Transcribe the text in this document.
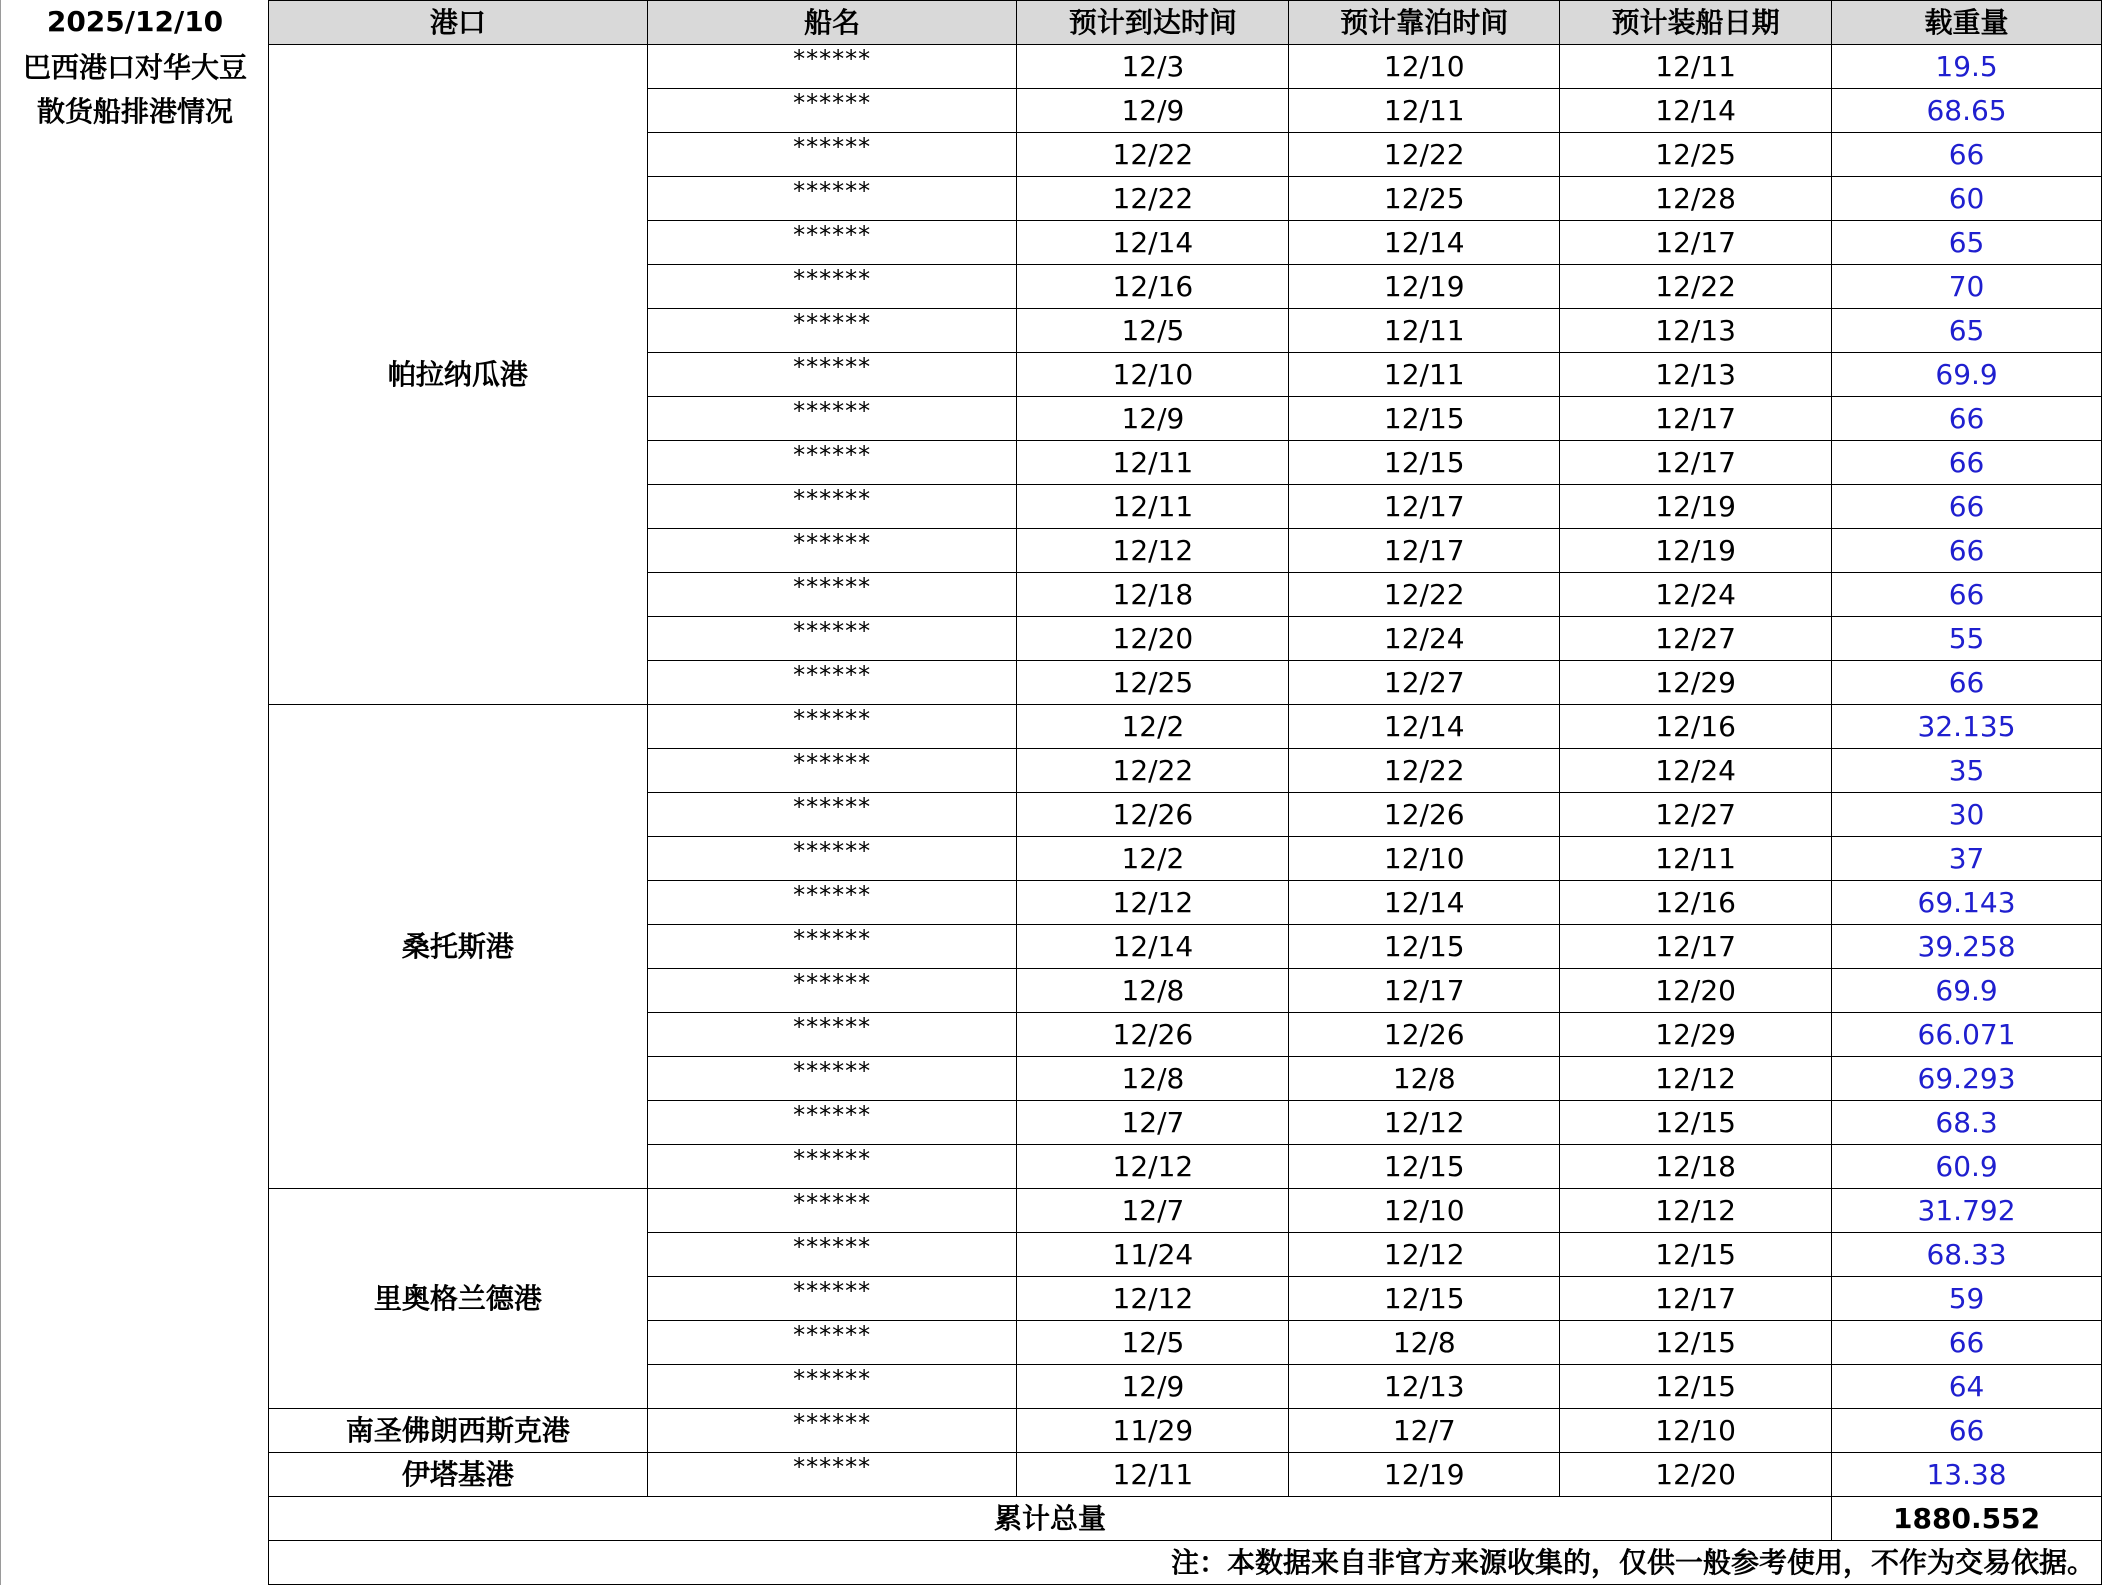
2025/12/10
巴西港口对华大豆
散货船排港情况
港口	船名	预计到达时间	预计靠泊时间	预计装船日期	载重量
帕拉纳瓜港	******	12/3	12/10	12/11	19.5
	******	12/9	12/11	12/14	68.65
	******	12/22	12/22	12/25	66
	******	12/22	12/25	12/28	60
	******	12/14	12/14	12/17	65
	******	12/16	12/19	12/22	70
	******	12/5	12/11	12/13	65
	******	12/10	12/11	12/13	69.9
	******	12/9	12/15	12/17	66
	******	12/11	12/15	12/17	66
	******	12/11	12/17	12/19	66
	******	12/12	12/17	12/19	66
	******	12/18	12/22	12/24	66
	******	12/20	12/24	12/27	55
	******	12/25	12/27	12/29	66
桑托斯港	******	12/2	12/14	12/16	32.135
	******	12/22	12/22	12/24	35
	******	12/26	12/26	12/27	30
	******	12/2	12/10	12/11	37
	******	12/12	12/14	12/16	69.143
	******	12/14	12/15	12/17	39.258
	******	12/8	12/17	12/20	69.9
	******	12/26	12/26	12/29	66.071
	******	12/8	12/8	12/12	69.293
	******	12/7	12/12	12/15	68.3
	******	12/12	12/15	12/18	60.9
里奥格兰德港	******	12/7	12/10	12/12	31.792
	******	11/24	12/12	12/15	68.33
	******	12/12	12/15	12/17	59
	******	12/5	12/8	12/15	66
	******	12/9	12/13	12/15	64
南圣佛朗西斯克港	******	11/29	12/7	12/10	66
伊塔基港	******	12/11	12/19	12/20	13.38
累计总量					1880.552
注：本数据来自非官方来源收集的，仅供一般参考使用，不作为交易依据。					
